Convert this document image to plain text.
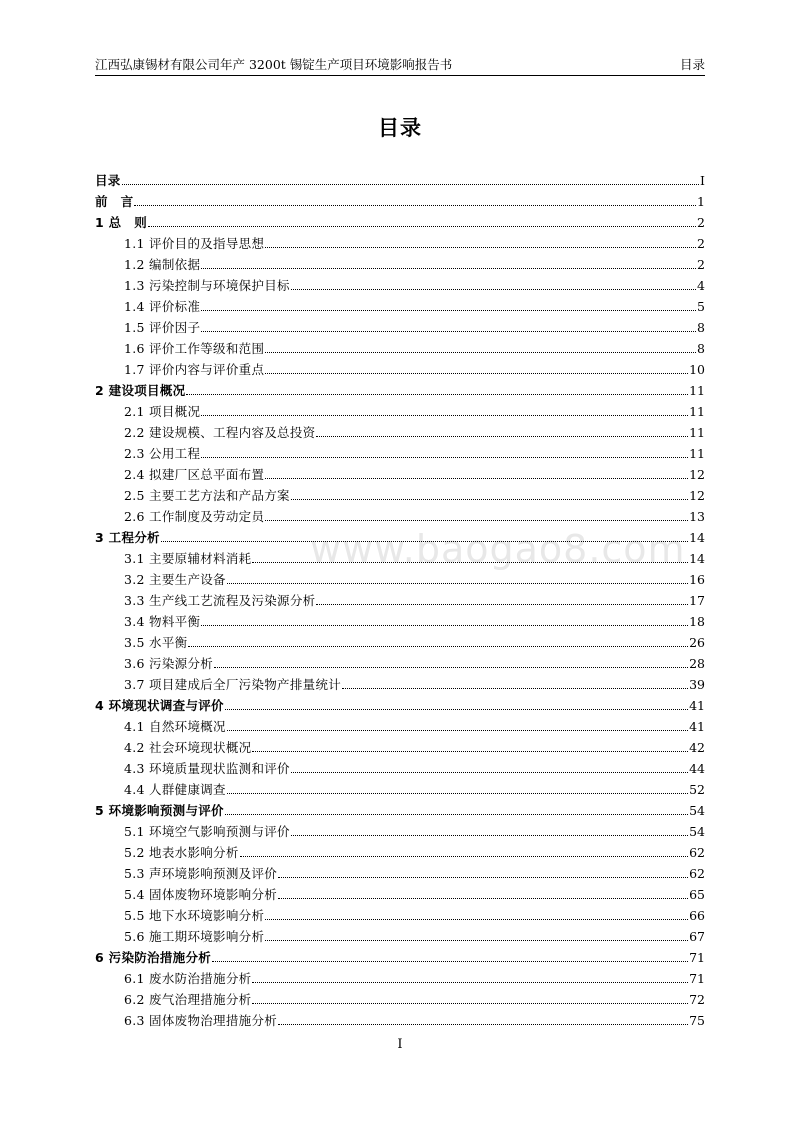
江西弘康锡材有限公司年产 3200t 锡锭生产项目环境影响报告书	目录
目录
www.baogao8.com
目录	I
前　言	1
1 总　则	2
1.1 评价目的及指导思想	2
1.2 编制依据	2
1.3 污染控制与环境保护目标	4
1.4 评价标准	5
1.5 评价因子	8
1.6 评价工作等级和范围	8
1.7 评价内容与评价重点	10
2 建设项目概况	11
2.1 项目概况	11
2.2 建设规模、工程内容及总投资	11
2.3 公用工程	11
2.4 拟建厂区总平面布置	12
2.5 主要工艺方法和产品方案	12
2.6 工作制度及劳动定员	13
3 工程分析	14
3.1 主要原辅材料消耗	14
3.2 主要生产设备	16
3.3 生产线工艺流程及污染源分析	17
3.4 物料平衡	18
3.5 水平衡	26
3.6 污染源分析	28
3.7 项目建成后全厂污染物产排量统计	39
4 环境现状调查与评价	41
4.1 自然环境概况	41
4.2 社会环境现状概况	42
4.3 环境质量现状监测和评价	44
4.4 人群健康调查	52
5 环境影响预测与评价	54
5.1 环境空气影响预测与评价	54
5.2 地表水影响分析	62
5.3 声环境影响预测及评价	62
5.4 固体废物环境影响分析	65
5.5 地下水环境影响分析	66
5.6 施工期环境影响分析	67
6 污染防治措施分析	71
6.1 废水防治措施分析	71
6.2 废气治理措施分析	72
6.3 固体废物治理措施分析	75
I
